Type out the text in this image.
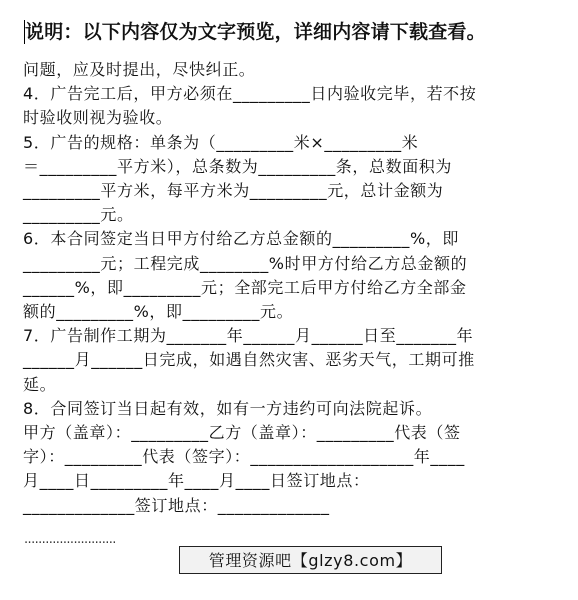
说明：以下内容仅为文字预览，详细内容请下载查看。
问题，应及时提出，尽快纠正。
4．广告完工后，甲方必须在_________日内验收完毕，若不按
时验收则视为验收。
5．广告的规格：单条为（_________米×_________米
＝_________平方米），总条数为_________条，总数面积为
_________平方米，每平方米为_________元，总计金额为
_________元。
6．本合同签定当日甲方付给乙方总金额的_________%，即
_________元；工程完成________%时甲方付给乙方总金额的
______%，即_________元；全部完工后甲方付给乙方全部金
额的_________%，即_________元。
7．广告制作工期为_______年______月______日至_______年
______月______日完成，如遇自然灾害、恶劣天气，工期可推
延。
8．合同签订当日起有效，如有一方违约可向法院起诉。
甲方（盖章）：_________乙方（盖章）：_________代表（签
字）：_________代表（签字）：___________________年____
月____日_________年____月____日签订地点：
_____________签订地点：_____________
··························
管理资源吧【glzy8.com】
